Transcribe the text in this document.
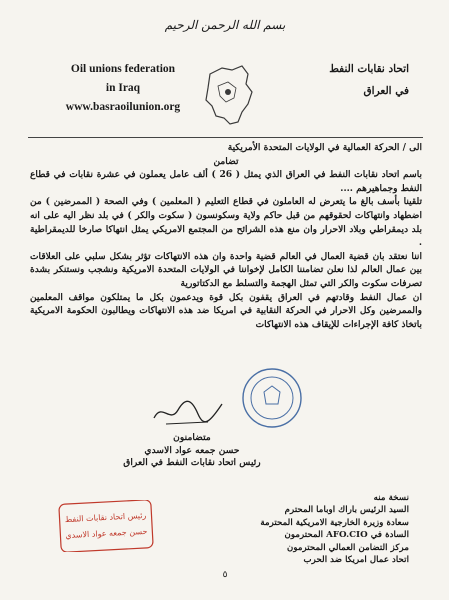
بسم الله الرحمن الرحيم
Oil unions federation
in Iraq
www.basraoilunion.org
اتحاد نقابات النفط
في العراق

الى / الحركة العمالية في الولايات المتحدة الأمريكية

تضامن

باسم اتحاد نقابات النفط في العراق الذي يمثل ( 26 ) ألف عامل يعملون في عشرة نقابات في قطاع النفط وجماهيرهم ....

تلقينا بأسف بالغ ما يتعرض له العاملون في قطاع التعليم ( المعلمين ) وفي الصحة ( الممرضين ) من اضطهاد وانتهاكات لحقوقهم من قبل حاكم ولاية وسكونسون ( سكوت والكر ) في بلد نظر اليه على انه بلد ديمقراطي وبلاد الاحرار وان منع هذه الشرائح من المجتمع الامريكي يمثل انتهاكا صارخا للديمقراطية .

اننا نعتقد بان قضية العمال في العالم قضية واحدة وان هذه الانتهاكات تؤثر بشكل سلبي على العلاقات بين عمال العالم لذا نعلن تضامننا الكامل لإخواننا في الولايات المتحدة الامريكية ونشجب ونستنكر بشدة تصرفات سكوت والكر التي تمثل الهجمة والتسلط مع الدكتاتورية

ان عمال النفط وقادتهم في العراق يقفون بكل قوة ويدعمون بكل ما يمتلكون مواقف المعلمين والممرضين وكل الاحرار في الحركة النقابية في امريكا ضد هذه الانتهاكات ويطالبون الحكومة الامريكية باتخاذ كافة الإجراءات للإيقاف هذه الانتهاكات

متضامنون
حسن جمعه عواد الاسدي
رئيس اتحاد نقابات النفط في العراق
رئيس اتحاد نقابات النفط
حسن جمعه عواد الاسدي
نسخة منه
السيد الرئيس باراك اوباما المحترم
سعادة وزيرة الخارجية الامريكية المحترمة
السادة في AFO.CIO المحترمون
مركز التضامن العمالي المحترمون
اتحاد عمال امريكا ضد الحرب
٥
